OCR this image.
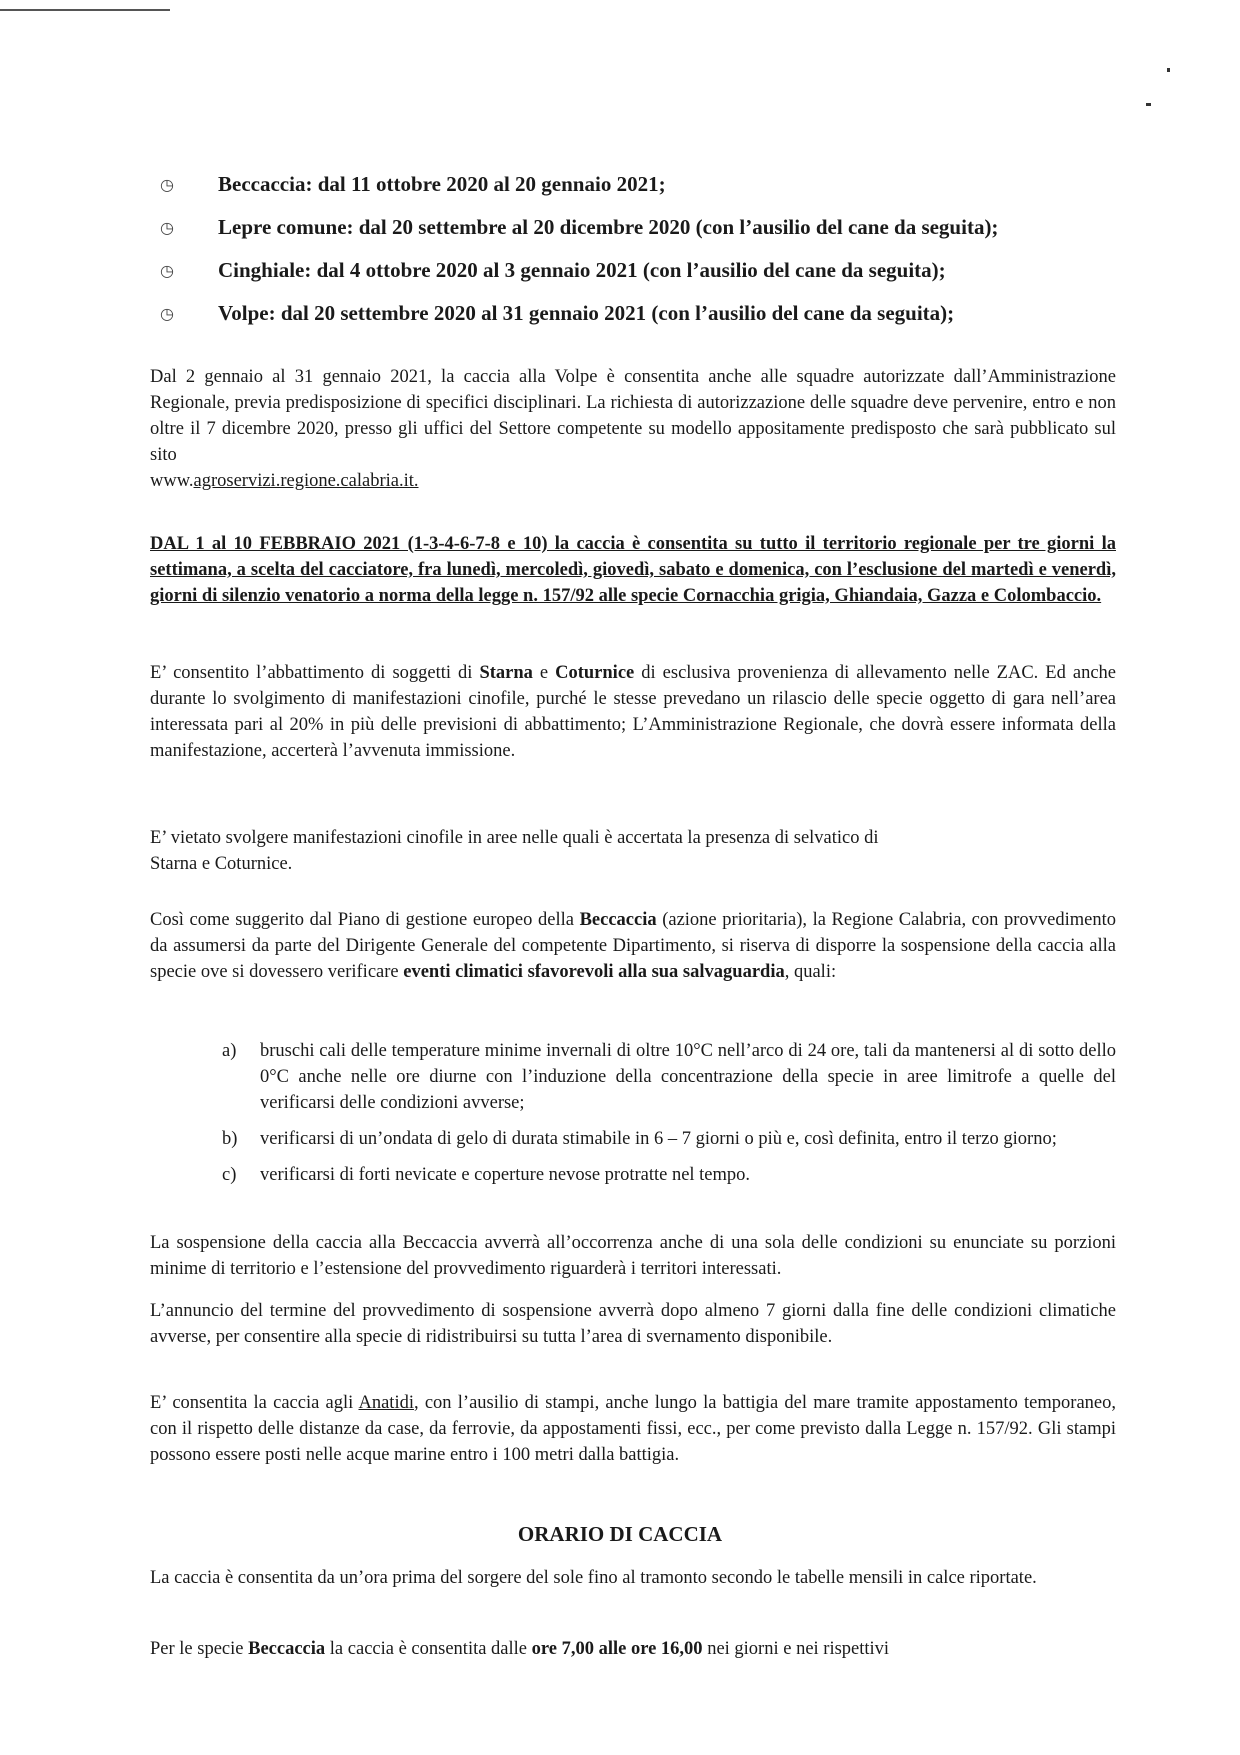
◷ Beccaccia: dal 11 ottobre 2020 al 20 gennaio 2021;
◷ Lepre comune: dal 20 settembre al 20 dicembre 2020 (con l’ausilio del cane da seguita);
◷ Cinghiale: dal 4 ottobre 2020 al 3 gennaio 2021 (con l’ausilio del cane da seguita);
◷ Volpe: dal 20 settembre 2020 al 31 gennaio 2021 (con l’ausilio del cane da seguita);
Dal 2 gennaio al 31 gennaio 2021, la caccia alla Volpe è consentita anche alle squadre autorizzate dall’Amministrazione Regionale, previa predisposizione di specifici disciplinari. La richiesta di autorizzazione delle squadre deve pervenire, entro e non oltre il 7 dicembre 2020, presso gli uffici del Settore competente su modello appositamente predisposto che sarà pubblicato sul sito
www.agroservizi.regione.calabria.it.
DAL 1 al 10 FEBBRAIO 2021 (1-3-4-6-7-8 e 10) la caccia è consentita su tutto il territorio regionale per tre giorni la settimana, a scelta del cacciatore, fra lunedì, mercoledì, giovedì, sabato e domenica, con l’esclusione del martedì e venerdì, giorni di silenzio venatorio a norma della legge n. 157/92 alle specie Cornacchia grigia, Ghiandaia, Gazza e Colombaccio.
E’ consentito l’abbattimento di soggetti di Starna e Coturnice di esclusiva provenienza di allevamento nelle ZAC. Ed anche durante lo svolgimento di manifestazioni cinofile, purché le stesse prevedano un rilascio delle specie oggetto di gara nell’area interessata pari al 20% in più delle previsioni di abbattimento; L’Amministrazione Regionale, che dovrà essere informata della manifestazione, accerterà l’avvenuta immissione.
E’ vietato svolgere manifestazioni cinofile in aree nelle quali è accertata la presenza di selvatico di
Starna e Coturnice.
Così come suggerito dal Piano di gestione europeo della Beccaccia (azione prioritaria), la Regione Calabria, con provvedimento da assumersi da parte del Dirigente Generale del competente Dipartimento, si riserva di disporre la sospensione della caccia alla specie ove si dovessero verificare eventi climatici sfavorevoli alla sua salvaguardia, quali:
a) bruschi cali delle temperature minime invernali di oltre 10°C nell’arco di 24 ore, tali da mantenersi al di sotto dello 0°C anche nelle ore diurne con l’induzione della concentrazione della specie in aree limitrofe a quelle del verificarsi delle condizioni avverse;
b) verificarsi di un’ondata di gelo di durata stimabile in 6 – 7 giorni o più e, così definita, entro il terzo giorno;
c) verificarsi di forti nevicate e coperture nevose protratte nel tempo.
La sospensione della caccia alla Beccaccia avverrà all’occorrenza anche di una sola delle condizioni su enunciate su porzioni minime di territorio e l’estensione del provvedimento riguarderà i territori interessati.
L’annuncio del termine del provvedimento di sospensione avverrà dopo almeno 7 giorni dalla fine delle condizioni climatiche avverse, per consentire alla specie di ridistribuirsi su tutta l’area di svernamento disponibile.
E’ consentita la caccia agli Anatidi, con l’ausilio di stampi, anche lungo la battigia del mare tramite appostamento temporaneo, con il rispetto delle distanze da case, da ferrovie, da appostamenti fissi, ecc., per come previsto dalla Legge n. 157/92. Gli stampi possono essere posti nelle acque marine entro i 100 metri dalla battigia.
ORARIO DI CACCIA
La caccia è consentita da un’ora prima del sorgere del sole fino al tramonto secondo le tabelle mensili in calce riportate.
Per le specie Beccaccia la caccia è consentita dalle ore 7,00 alle ore 16,00 nei giorni e nei rispettivi
